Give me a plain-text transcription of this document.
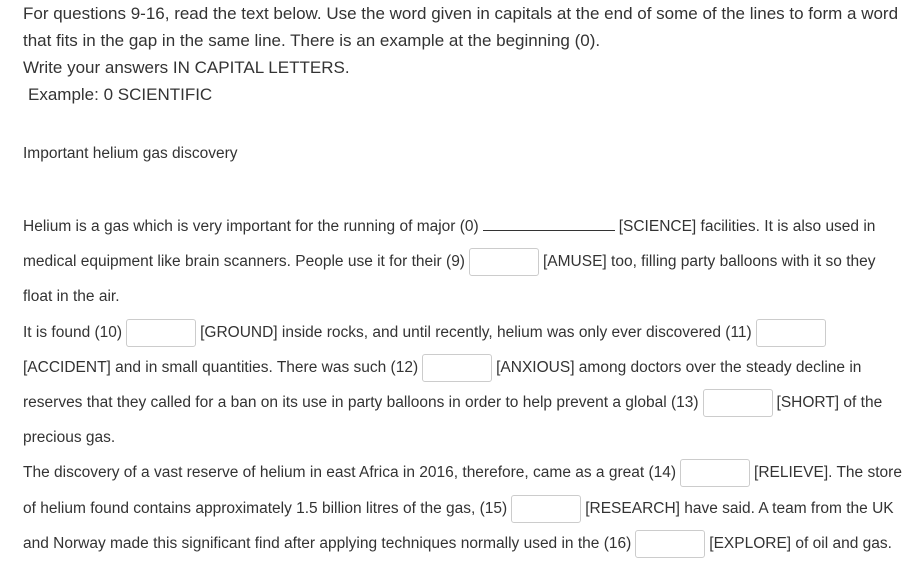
For questions 9-16, read the text below. Use the word given in capitals at the end of some of the lines to form a word that fits in the gap in the same line. There is an example at the beginning (0).
Write your answers IN CAPITAL LETTERS.
Example: 0 SCIENTIFIC
Important helium gas discovery

Helium is a gas which is very important for the running of major (0)	[SCIENCE] facilities. It is also used in medical equipment like brain scanners. People use it for their (9)	[AMUSE] too, filling party balloons with it so they float in the air.

It is found (10)	[GROUND] inside rocks, and until recently, helium was only ever discovered (11)[ACCIDENT] and in small quantities. There was such (12)	[ANXIOUS] among doctors over the steady decline in reserves that they called for a ban on its use in party balloons in order to help prevent a global (13)	[SHORT] of the precious gas.

The discovery of a vast reserve of helium in east Africa in 2016, therefore, came as a great (14)	[RELIEVE]. The store of helium found contains approximately 1.5 billion litres of the gas, (15)	[RESEARCH] have said. A team from the UK and Norway made this significant find after applying techniques normally used in the (16)	[EXPLORE] of oil and gas.
